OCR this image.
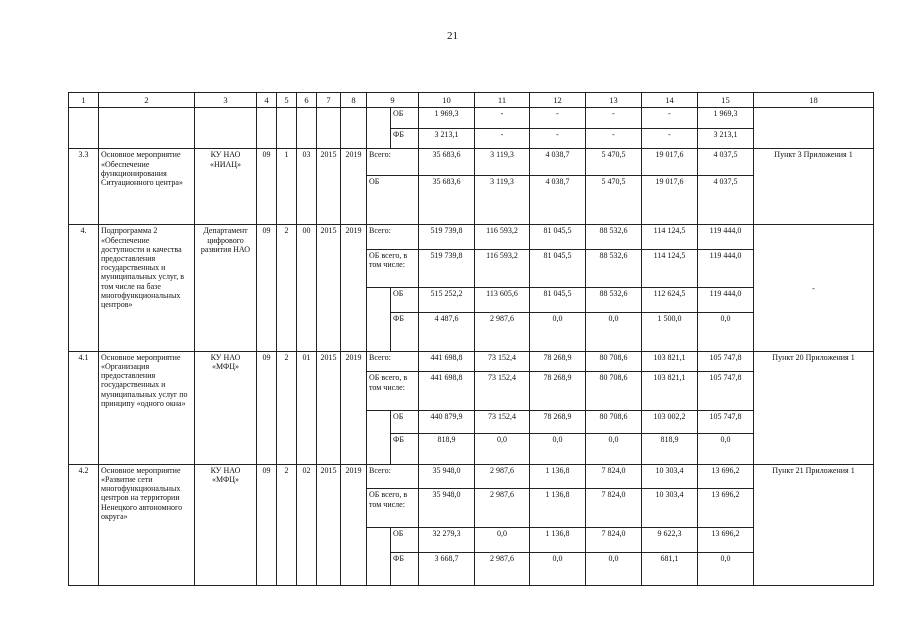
21
1	2	3	4	5	6	7	8	9		10	11	12	13	14	15	18
									ОБ	1 969,3	-	-	-	-	1 969,3	
									ФБ	3 213,1	-	-	-	-	3 213,1	
3.3	Основное мероприятие «Обеспечение функционирования Ситуационного центра»	КУ НАО «НИАЦ»	09	1	03	2015	2019	Всего:		35 683,6	3 119,3	4 038,7	5 470,5	19 017,6	4 037,5	Пункт 3 Приложения 1
								ОБ		35 683,6	3 119,3	4 038,7	5 470,5	19 017,6	4 037,5	
4.	Подпрограмма 2 «Обеспечение доступности и качества предоставления государственных и муниципальных услуг, в том числе на базе многофункциональных центров»	Департамент цифрового развития НАО	09	2	00	2015	2019	Всего:		519 739,8	116 593,2	81 045,5	88 532,6	114 124,5	119 444,0	-
								ОБ всего, в том числе:		519 739,8	116 593,2	81 045,5	88 532,6	114 124,5	119 444,0	
									ОБ	515 252,2	113 605,6	81 045,5	88 532,6	112 624,5	119 444,0	
									ФБ	4 487,6	2 987,6	0,0	0,0	1 500,0	0,0	
4.1	Основное мероприятие «Организация предоставления государственных и муниципальных услуг по принципу «одного окна»	КУ НАО «МФЦ»	09	2	01	2015	2019	Всего:		441 698,8	73 152,4	78 268,9	80 708,6	103 821,1	105 747,8	Пункт 20 Приложения 1
								ОБ всего, в том числе:		441 698,8	73 152,4	78 268,9	80 708,6	103 821,1	105 747,8	
									ОБ	440 879,9	73 152,4	78 268,9	80 708,6	103 002,2	105 747,8	
									ФБ	818,9	0,0	0,0	0,0	818,9	0,0	
4.2	Основное мероприятие «Развитие сети многофункциональных центров на территории Ненецкого автономного округа»	КУ НАО «МФЦ»	09	2	02	2015	2019	Всего:		35 948,0	2 987,6	1 136,8	7 824,0	10 303,4	13 696,2	Пункт 21 Приложения 1
								ОБ всего, в том числе:		35 948,0	2 987,6	1 136,8	7 824,0	10 303,4	13 696,2	
									ОБ	32 279,3	0,0	1 136,8	7 824,0	9 622,3	13 696,2	
									ФБ	3 668,7	2 987,6	0,0	0,0	681,1	0,0	
